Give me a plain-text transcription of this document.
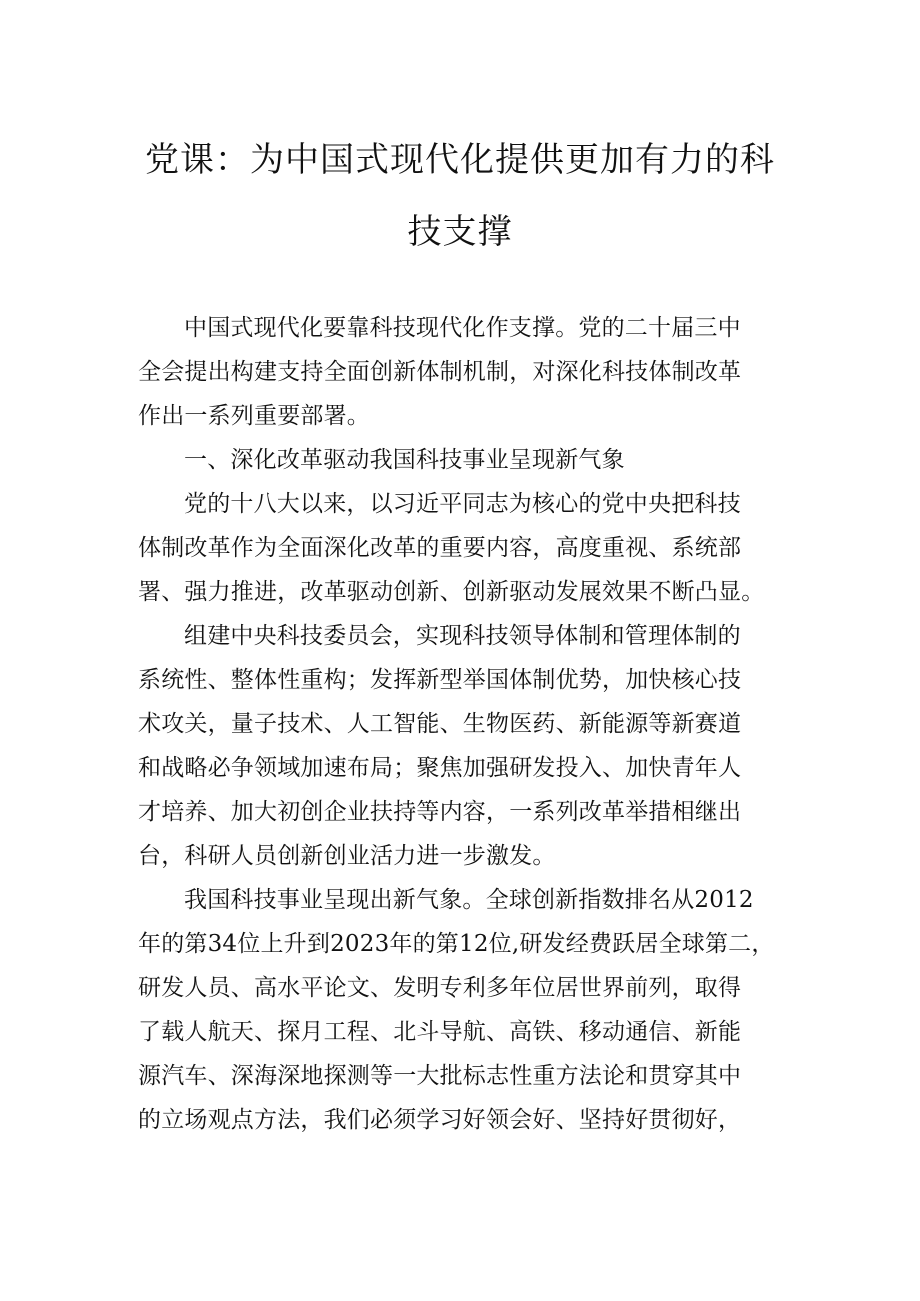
党课：为中国式现代化提供更加有力的科
技支撑
中国式现代化要靠科技现代化作支撑。党的二十届三中
全会提出构建支持全面创新体制机制，对深化科技体制改革
作出一系列重要部署。
一、深化改革驱动我国科技事业呈现新气象
党的十八大以来，以习近平同志为核心的党中央把科技
体制改革作为全面深化改革的重要内容，高度重视、系统部
署、强力推进，改革驱动创新、创新驱动发展效果不断凸显。
组建中央科技委员会，实现科技领导体制和管理体制的
系统性、整体性重构；发挥新型举国体制优势，加快核心技
术攻关，量子技术、人工智能、生物医药、新能源等新赛道
和战略必争领域加速布局；聚焦加强研发投入、加快青年人
才培养、加大初创企业扶持等内容，一系列改革举措相继出
台，科研人员创新创业活力进一步激发。
我国科技事业呈现出新气象。全球创新指数排名从2012
年的第34位上升到2023年的第12位,研发经费跃居全球第二，
研发人员、高水平论文、发明专利多年位居世界前列，取得
了载人航天、探月工程、北斗导航、高铁、移动通信、新能
源汽车、深海深地探测等一大批标志性重方法论和贯穿其中
的立场观点方法，我们必须学习好领会好、坚持好贯彻好，
